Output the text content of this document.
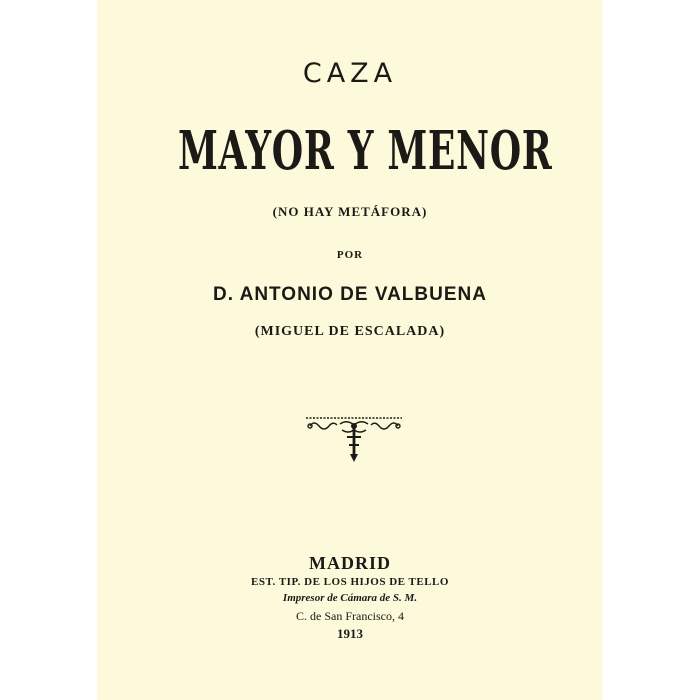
CAZA
MAYOR Y MENOR
(NO HAY METÁFORA)
POR
D. ANTONIO DE VALBUENA
(MIGUEL DE ESCALADA)
MADRID
EST. TIP. DE LOS HIJOS DE TELLO
Impresor de Cámara de S. M.
C. de San Francisco, 4
1913
